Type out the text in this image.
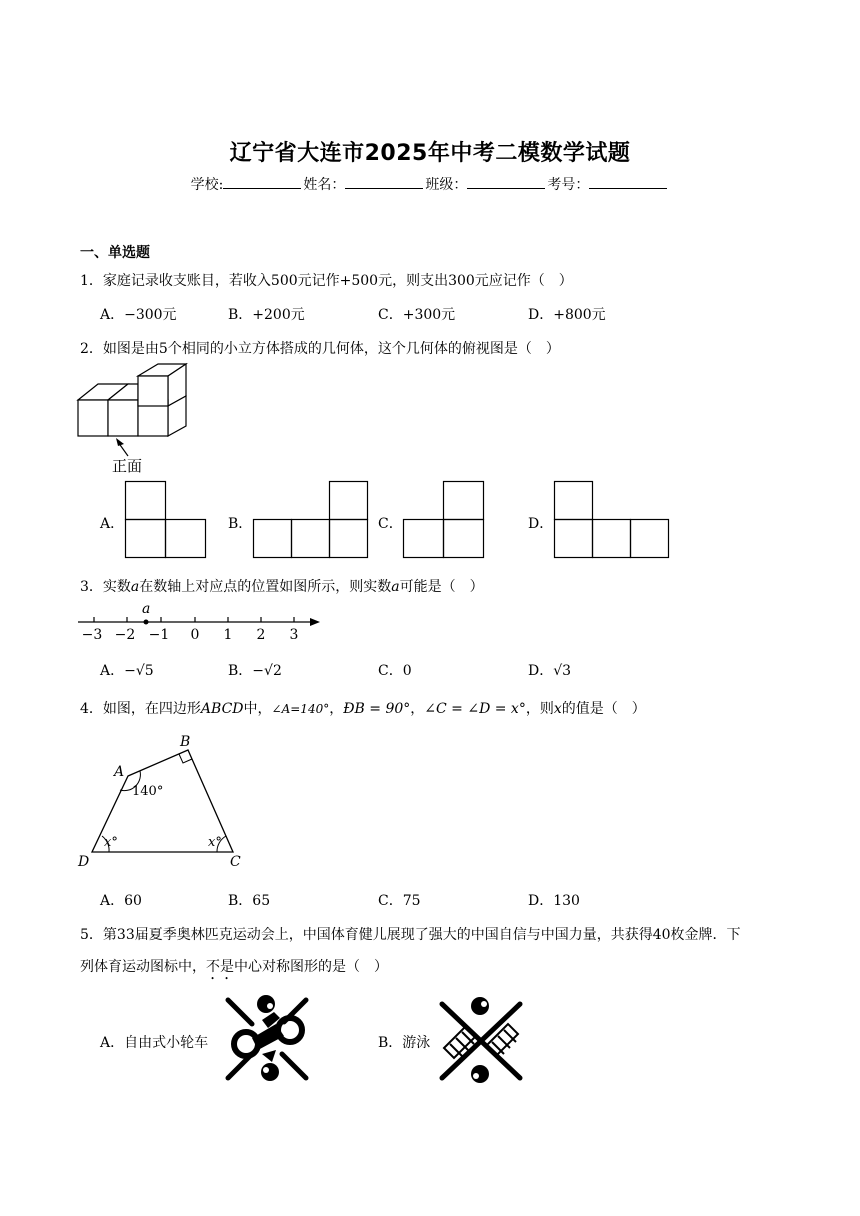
辽宁省大连市2025年中考二模数学试题
学校:	姓名：	班级：	考号：
一、单选题
1．家庭记录收支账目，若收入500元记作+500元，则支出300元应记作（　）
A．−300元	B．+200元	C．+300元	D．+800元
2．如图是由5个相同的小立方体搭成的几何体，这个几何体的俯视图是（　）
正面
A．	B．	C．	D．
3．实数a在数轴上对应点的位置如图所示，则实数a可能是（　）
a
−3 −2 −1 0 1 2 3
A．−√5	B．−√2	C．0	D．√3
4．如图，在四边形ABCD中，∠A=140°，ÐB = 90°，∠C = ∠D = x°，则x的值是（　）
A
B
C
D
140°
x°	x°
A．60	B．65	C．75	D．130
5．第33届夏季奥林匹克运动会上，中国体育健儿展现了强大的中国自信与中国力量，共获得40枚金牌．下
列体育运动图标中，不是中心对称图形的是（　）
A．自由式小轮车	B．游泳
